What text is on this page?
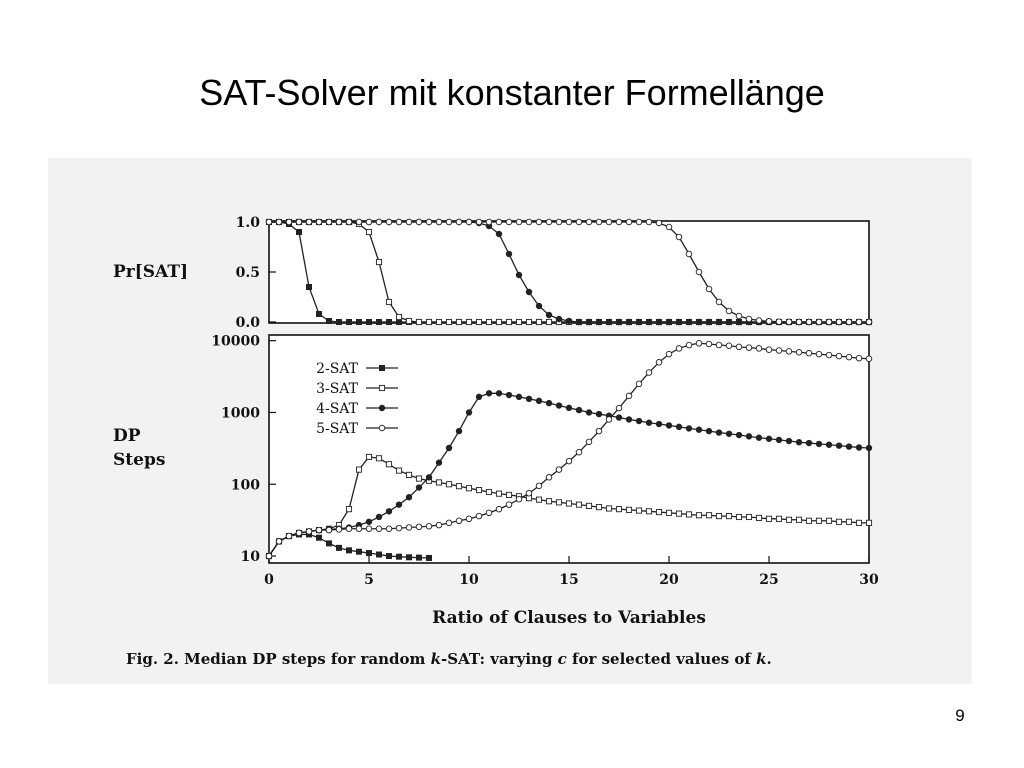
SAT-Solver mit konstanter Formellänge
Pr[SAT]
1.0
0.5
0.0
DP
Steps
10000
1000
100
10
0	5	10	15	20	25	30
2-SAT
3-SAT
4-SAT
5-SAT
Ratio of Clauses to Variables
Fig. 2. Median DP steps for random k-SAT: varying c for selected values of k.
9
